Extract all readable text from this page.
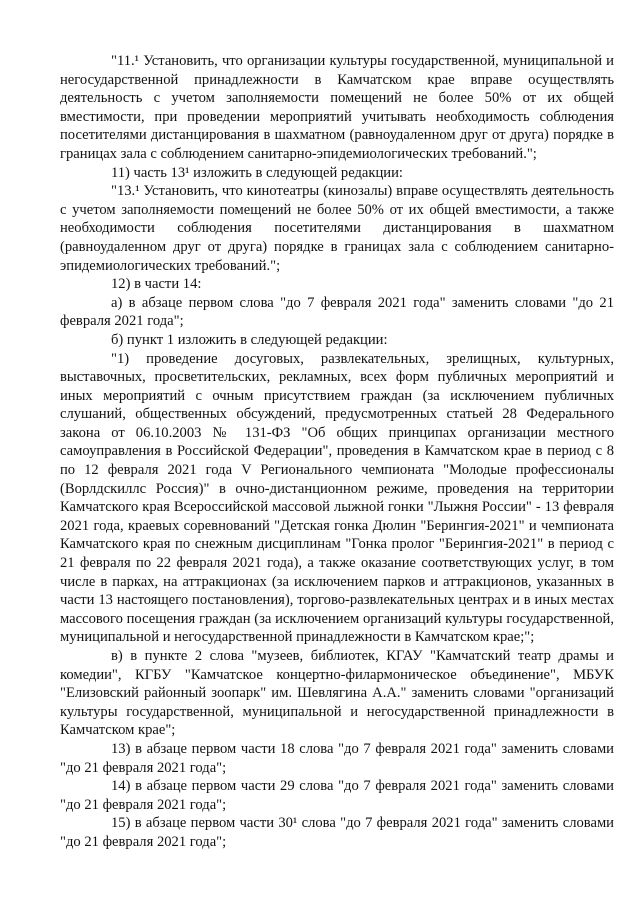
"11.¹ Установить, что организации культуры государственной, муниципальной и негосударственной принадлежности в Камчатском крае вправе осуществлять деятельность с учетом заполняемости помещений не более 50% от их общей вместимости, при проведении мероприятий учитывать необходимость соблюдения посетителями дистанцирования в шахматном (равноудаленном друг от друга) порядке в границах зала с соблюдением санитарно-эпидемиологических требований.";

11) часть 13¹ изложить в следующей редакции:

"13.¹ Установить, что кинотеатры (кинозалы) вправе осуществлять деятельность с учетом заполняемости помещений не более 50% от их общей вместимости, а также необходимости соблюдения посетителями дистанцирования в шахматном (равноудаленном друг от друга) порядке в границах зала с соблюдением санитарно-эпидемиологических требований.";

12) в части 14:

а) в абзаце первом слова "до 7 февраля 2021 года" заменить словами "до 21 февраля 2021 года";

б) пункт 1 изложить в следующей редакции:

"1) проведение досуговых, развлекательных, зрелищных, культурных, выставочных, просветительских, рекламных, всех форм публичных мероприятий и иных мероприятий с очным присутствием граждан (за исключением публичных слушаний, общественных обсуждений, предусмотренных статьей 28 Федерального закона от 06.10.2003 № 131-ФЗ "Об общих принципах организации местного самоуправления в Российской Федерации", проведения в Камчатском крае в период с 8 по 12 февраля 2021 года V Регионального чемпионата "Молодые профессионалы (Ворлдскиллс Россия)" в очно-дистанционном режиме, проведения на территории Камчатского края Всероссийской массовой лыжной гонки "Лыжня России" - 13 февраля 2021 года, краевых соревнований "Детская гонка Дюлин "Берингия-2021" и чемпионата Камчатского края по снежным дисциплинам "Гонка пролог "Берингия-2021" в период с 21 февраля по 22 февраля 2021 года), а также оказание соответствующих услуг, в том числе в парках, на аттракционах (за исключением парков и аттракционов, указанных в части 13 настоящего постановления), торгово-развлекательных центрах и в иных местах массового посещения граждан (за исключением организаций культуры государственной, муниципальной и негосударственной принадлежности в Камчатском крае;";

в) в пункте 2 слова "музеев, библиотек, КГАУ "Камчатский театр драмы и комедии", КГБУ "Камчатское концертно-филармоническое объединение", МБУК "Елизовский районный зоопарк" им. Шевлягина А.А." заменить словами "организаций культуры государственной, муниципальной и негосударственной принадлежности в Камчатском крае";

13) в абзаце первом части 18 слова "до 7 февраля 2021 года" заменить словами "до 21 февраля 2021 года";

14) в абзаце первом части 29 слова "до 7 февраля 2021 года" заменить словами "до 21 февраля 2021 года";

15) в абзаце первом части 30¹ слова "до 7 февраля 2021 года" заменить словами "до 21 февраля 2021 года";
